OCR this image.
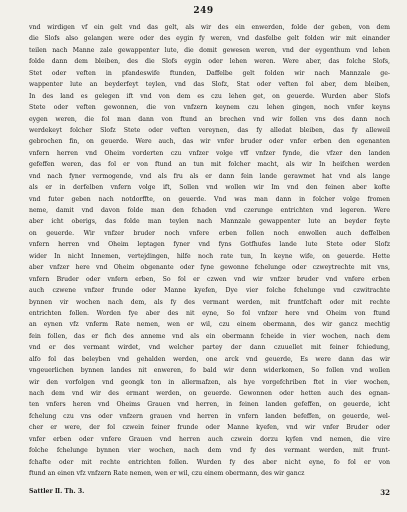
249
vnd wirdigen vf ein gelt vnd das gelt, als wir des ein enwerden, folde der geben, von dem
die Slofs also gelangen were oder des eygin fy weren, vnd dasfelbe gelt folden wir mit einander
teilen nach Manne zale gewappenter lute, die domit gewesen weren, vnd der eygenthum vnd lehen
folde dann dem bleiben, des die Slofs eygin oder lehen weren. Were aber, das folche Slofs,
Stet oder veften in pfandeswife ftunden, Daffelbe gelt folden wir nach Mannzale ge-
wappenter lute an beyderfeyt teylen, vnd das Slofz, Stat oder veften fol aber, dem bleiben,
In des land es gelegen ift vnd von dem es czu lehen get, on geuerde. Wurden aber Slofs
Stete oder veften gewonnen, die von vnfzern keynem czu lehen gingen, noch vnfer keyns
eygen weren, die fol man dann von ftund an brechen vnd wir follen vns des dann noch
werdekeyt folcher Slofz Stete oder veften vereynen, das fy alledat bleiben, das fy alleweil
gebrochen fin, on geuerde. Were auch, das wir vnfer bruder oder vnfer erben den egenanten
vnfern herren vnd Oheim vorderten czu vnfzer volge vff vnfzer fynde, die vfzer den landen
gefeffen weren, das fol er von ftund an tun mit folcher macht, als wir In heifchen werden
vnd nach fyner vermogende, vnd als fru als er dann fein lande gerawmet hat vnd als lange
als er in derfelben vnfern volge ift, Sollen vnd wollen wir Im vnd den feinen aber kofte
vnd futer geben nach notdorffte, on geuerde. Vnd was man dann in folcher volge fromen
neme, damit vnd davon folde man den fchaden vnd czerunge entrichten vnd legeren. Were
aber icht oberigs, das folde man teylen nach Mannzale gewappenter lute an beyder feyte
on geuerde. Wir vnfzer bruder noch vnfere erben follen noch enwollen auch deffelben
vnfern herren vnd Oheim leptagen fyner vnd fyns Gotfhufes lande lute Stete oder Slofz
wider In nicht Innemen, vertejdingen, hilfe noch rate tun, In keyne wife, on geuerde. Hette
aber vnfzer here vnd Oheim obgenante oder fyne gewonne fchelunge oder czweytrechte mit vns,
vnfern Bruder oder vnfern erben, So fol er czwen vnd wir vnfzer bruder vnd vnfere erben
auch czwene vnfzer frunde oder Manne kyefen, Dye vier folche fchelunge vnd czwitrachte
bynnen vir wochen nach dem, als fy des vermant werden, mit fruntfchaft oder mit rechte
entrichten follen. Worden fye aber des nit eyne, So fol vnfzer here vnd Oheim von ftund
an eynen vfz vnferm Rate nemen, wen er wil, czu einem obermann, des wir gancz mechtig
fein follen, das er fich des anneme vnd als ein obermann fcheide in vier wochen, nach dem
vnd er des vermant wirdet, vnd welcher partey der dann czuuellet mit feiner fchiedung,
alfo fol das beleyben vnd gehalden werden, one arck vnd geuerde, Es were dann das wir
vngeuerlichen bynnen landes nit enweren, fo bald wir denn widerkomen, So follen vnd wollen
wir den vorfolgen vnd geongk ton in allermafzen, als hye vorgefchriben ftet in vier wochen,
nach dem vnd wir des ermant werden, on geuerde. Gewonnen oder hetten auch des egnan-
ten vnfers heren vnd Oheims Grauen vnd herren, in feinen landen gefeffen, on geuerde, icht
fchelung czu vns oder vnfzern grauen vnd herren in vnfern landen befeffen, on geuerde, wel-
cher er were, der fol czwein feiner frunde oder Manne kyefen, vnd wir vnfer Bruder oder
vnfer erben oder vnfere Grauen vnd herren auch czwein dorzu kyfen vnd nemen, die vire
folche fchelunge bynnen vier wochen, nach dem vnd fy des vermant werden, mit frunt-
fchafte oder mit rechte entrichten follen. Wurden fy des aber nicht eyne, fo fol er von
ftund an einen vfz vnfzern Rate nemen, wen er wil, czu einem obermann, des wir gancz
Sattler Ⅱ. Th. 3.	32
